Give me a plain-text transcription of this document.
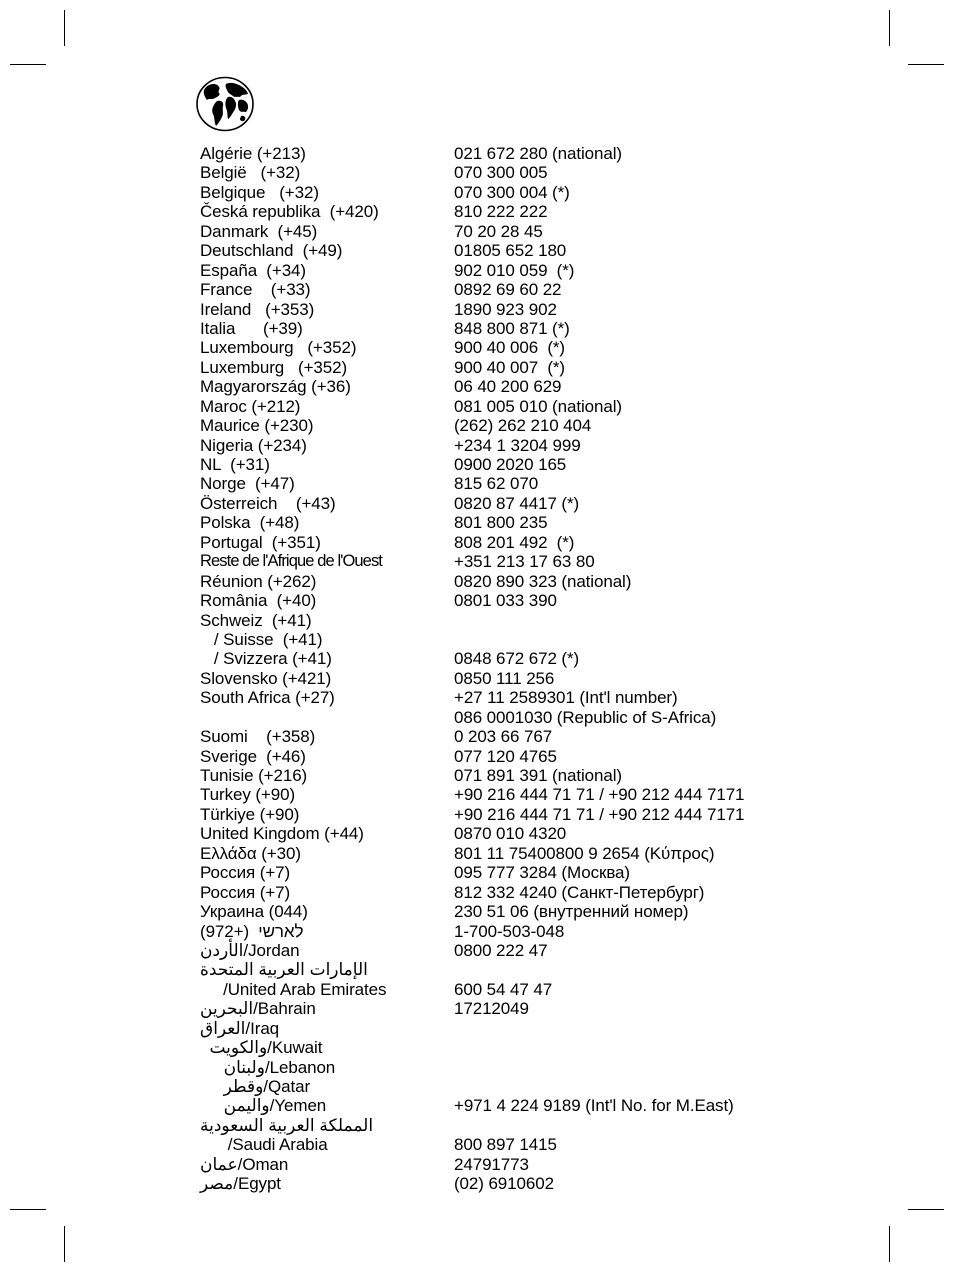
Algérie (+213)	021 672 280 (national)
België   (+32)	070 300 005
Belgique   (+32)	070 300 004 (*)
Česká republika  (+420)	810 222 222
Danmark  (+45)	70 20 28 45
Deutschland  (+49)	01805 652 180
España  (+34)	902 010 059  (*)
France    (+33)	0892 69 60 22
Ireland   (+353)	1890 923 902
Italia      (+39)	848 800 871 (*)
Luxembourg   (+352)	900 40 006  (*)
Luxemburg   (+352)	900 40 007  (*)
Magyarország (+36)	06 40 200 629
Maroc (+212)	081 005 010 (national)
Maurice (+230)	(262) 262 210 404
Nigeria (+234)	+234 1 3204 999
NL  (+31)	0900 2020 165
Norge  (+47)	815 62 070
Österreich    (+43)	0820 87 4417 (*)
Polska  (+48)	801 800 235
Portugal  (+351)	808 201 492  (*)
Reste de l'Afrique de l'Ouest	+351 213 17 63 80
Réunion (+262)	0820 890 323 (national)
România  (+40)	0801 033 390
Schweiz  (+41)
/ Suisse  (+41)
/ Svizzera (+41)	0848 672 672 (*)
Slovensko (+421)	0850 111 256
South Africa (+27)	+27 11 2589301 (Int'l number)
086 0001030 (Republic of S-Africa)
Suomi    (+358)	0 203 66 767
Sverige  (+46)	077 120 4765
Tunisie (+216)	071 891 391 (national)
Turkey (+90)	+90 216 444 71 71 / +90 212 444 7171
Türkiye (+90)	+90 216 444 71 71 / +90 212 444 7171
United Kingdom (+44)	0870 010 4320
Ελλάδα (+30)	801 11 75400800 9 2654 (Κύπρος)
Россия (+7)	095 777 3284 (Москва)
Россия (+7)	812 332 4240 (Санкт-Петербург)
Украина (044)	230 51 06 (внутренний номер)
לארשי  (+972)	1-700-503-048
الأردن/Jordan	0800 222 47
الإمارات العربية المتحدة
/United Arab Emirates	600 54 47 47
البحرين/Bahrain	17212049
العراق/Iraq
والكويت/Kuwait
ولبنان/Lebanon
وقطر/Qatar
واليمن/Yemen	+971 4 224 9189 (Int'l No. for M.East)
المملكة العربية السعودية
/Saudi Arabia	800 897 1415
عمان/Oman	24791773
مصر/Egypt	(02) 6910602
